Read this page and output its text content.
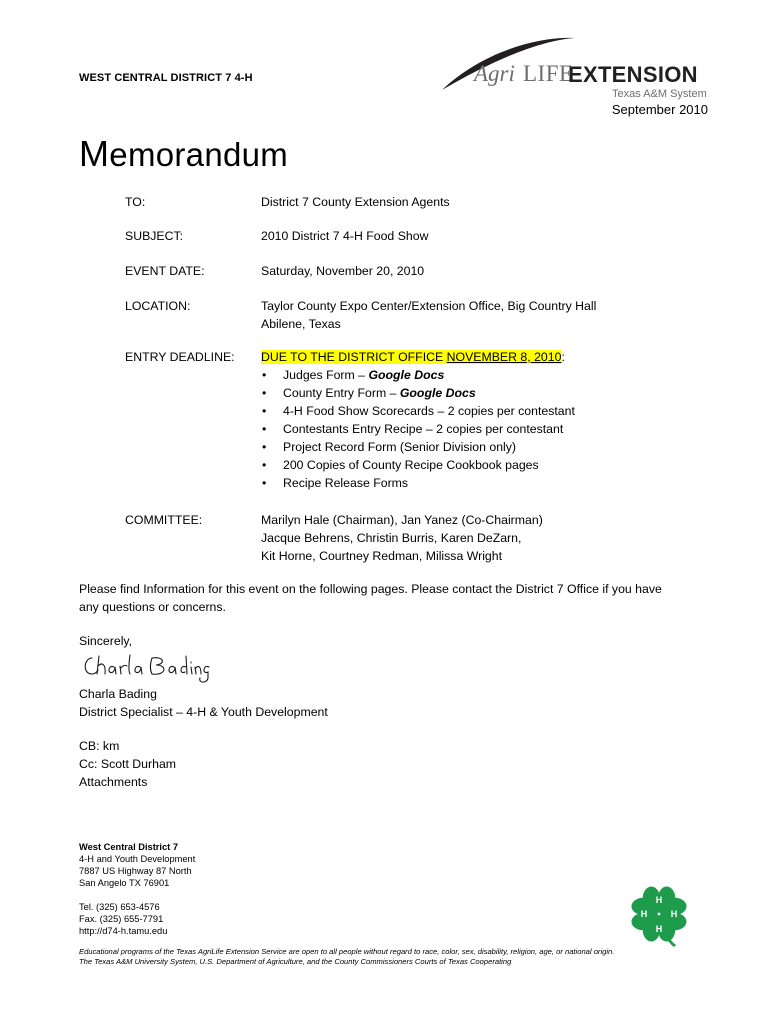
WEST CENTRAL DISTRICT 7 4-H	Agri LIFE
EXTENSION
Texas A&M System
September 2010
Memorandum
TO:	District 7 County Extension Agents
SUBJECT:	2010 District 7 4-H Food Show
EVENT DATE:	Saturday, November 20, 2010
LOCATION:	Taylor County Expo Center/Extension Office, Big Country Hall
Abilene, Texas
ENTRY DEADLINE: DUE TO THE DISTRICT OFFICE NOVEMBER 8, 2010:
• Judges Form – Google Docs
• County Entry Form – Google Docs
• 4-H Food Show Scorecards – 2 copies per contestant
• Contestants Entry Recipe – 2 copies per contestant
• Project Record Form (Senior Division only)
• 200 Copies of County Recipe Cookbook pages
• Recipe Release Forms
COMMITTEE:	Marilyn Hale (Chairman), Jan Yanez (Co-Chairman)
Jacque Behrens, Christin Burris, Karen DeZarn,
Kit Horne, Courtney Redman, Milissa Wright
Please find Information for this event on the following pages. Please contact the District 7 Office if you have
any questions or concerns.
Sincerely,
Charla Bading
District Specialist – 4-H & Youth Development
CB: km
Cc: Scott Durham
Attachments
West Central District 7
4-H and Youth Development
7887 US Highway 87 North
San Angelo TX 76901
Tel. (325) 653-4576
Fax. (325) 655-7791
http://d74-h.tamu.edu
H
H
H	H
Educational programs of the Texas AgriLife Extension Service are open to all people without regard to race, color, sex, disability, religion, age, or national origin.
The Texas A&M University System, U.S. Department of Agriculture, and the County Commissioners Courts of Texas Cooperating
